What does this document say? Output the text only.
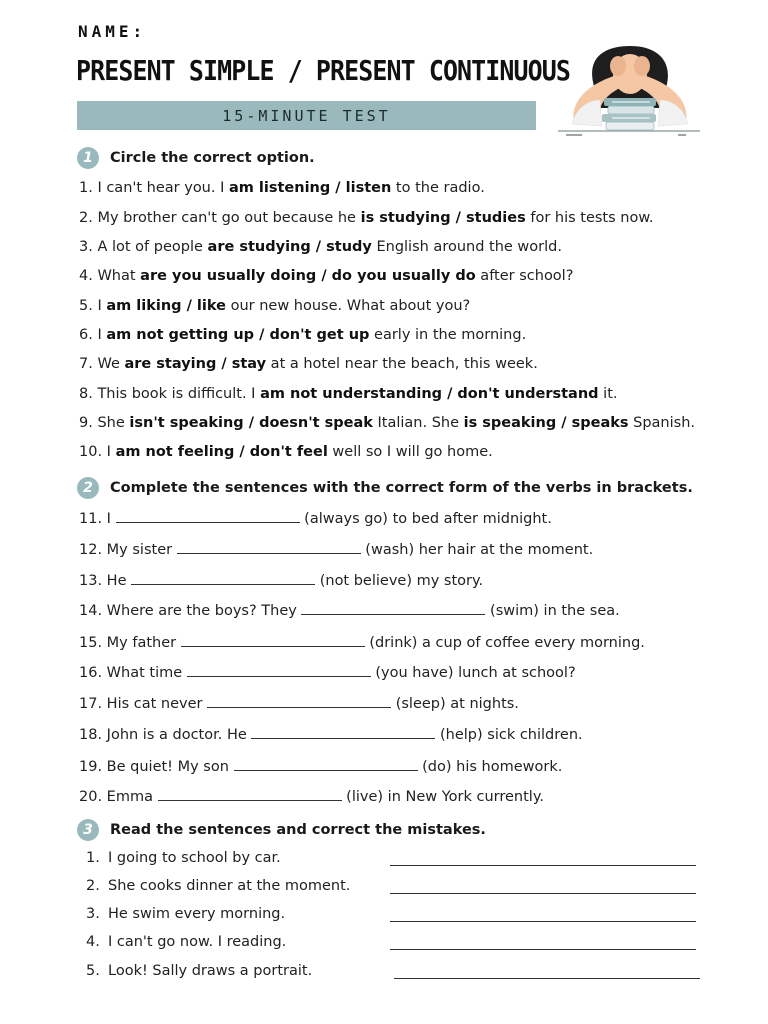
NAME:
PRESENT SIMPLE / PRESENT CONTINUOUS
15-MINUTE TEST
1	Circle the correct option.
1. I can't hear you. I am listening / listen to the radio.
2. My brother can't go out because he is studying / studies for his tests now.
3. A lot of people are studying / study English around the world.
4. What are you usually doing / do you usually do after school?
5. I am liking / like our new house. What about you?
6. I am not getting up / don't get up early in the morning.
7. We are staying / stay at a hotel near the beach, this week.
8. This book is difficult. I am not understanding / don't understand it.
9. She isn't speaking / doesn't speak Italian. She is speaking / speaks Spanish.
10. I am not feeling / don't feel well so I will go home.
2	Complete the sentences with the correct form of the verbs in brackets.
11. I	(always go) to bed after midnight.
12. My sister	(wash) her hair at the moment.
13. He	(not believe) my story.
14. Where are the boys? They	(swim) in the sea.
15. My father	(drink) a cup of coffee every morning.
16. What time	(you have) lunch at school?
17. His cat never	(sleep) at nights.
18. John is a doctor. He	(help) sick children.
19. Be quiet! My son	(do) his homework.
20. Emma	(live) in New York currently.
3	Read the sentences and correct the mistakes.
1. I going to school by car.
2. She cooks dinner at the moment.
3. He swim every morning.
4. I can't go now. I reading.
5. Look! Sally draws a portrait.
